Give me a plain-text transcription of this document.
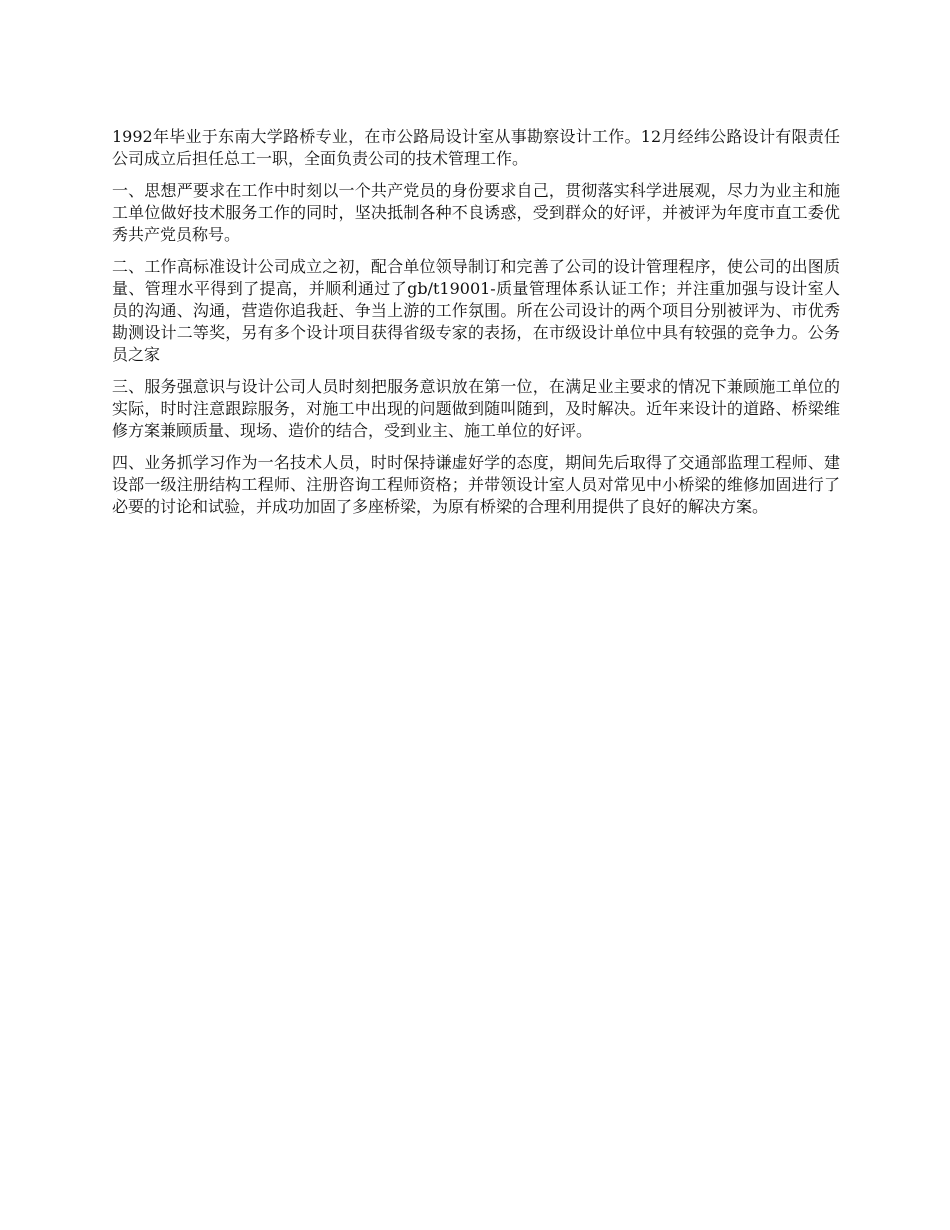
1992年毕业于东南大学路桥专业，在市公路局设计室从事勘察设计工作。12月经纬公路设计有限责任公司成立后担任总工一职，全面负责公司的技术管理工作。

一、思想严要求在工作中时刻以一个共产党员的身份要求自己，贯彻落实科学进展观，尽力为业主和施工单位做好技术服务工作的同时，坚决抵制各种不良诱惑，受到群众的好评，并被评为年度市直工委优秀共产党员称号。

二、工作高标准设计公司成立之初，配合单位领导制订和完善了公司的设计管理程序，使公司的出图质量、管理水平得到了提高，并顺利通过了gb/t19001-质量管理体系认证工作；并注重加强与设计室人员的沟通、沟通，营造你追我赶、争当上游的工作氛围。所在公司设计的两个项目分别被评为、市优秀勘测设计二等奖，另有多个设计项目获得省级专家的表扬，在市级设计单位中具有较强的竞争力。公务员之家

三、服务强意识与设计公司人员时刻把服务意识放在第一位，在满足业主要求的情况下兼顾施工单位的实际，时时注意跟踪服务，对施工中出现的问题做到随叫随到，及时解决。近年来设计的道路、桥梁维修方案兼顾质量、现场、造价的结合，受到业主、施工单位的好评。

四、业务抓学习作为一名技术人员，时时保持谦虚好学的态度，期间先后取得了交通部监理工程师、建设部一级注册结构工程师、注册咨询工程师资格；并带领设计室人员对常见中小桥梁的维修加固进行了必要的讨论和试验，并成功加固了多座桥梁，为原有桥梁的合理利用提供了良好的解决方案。
